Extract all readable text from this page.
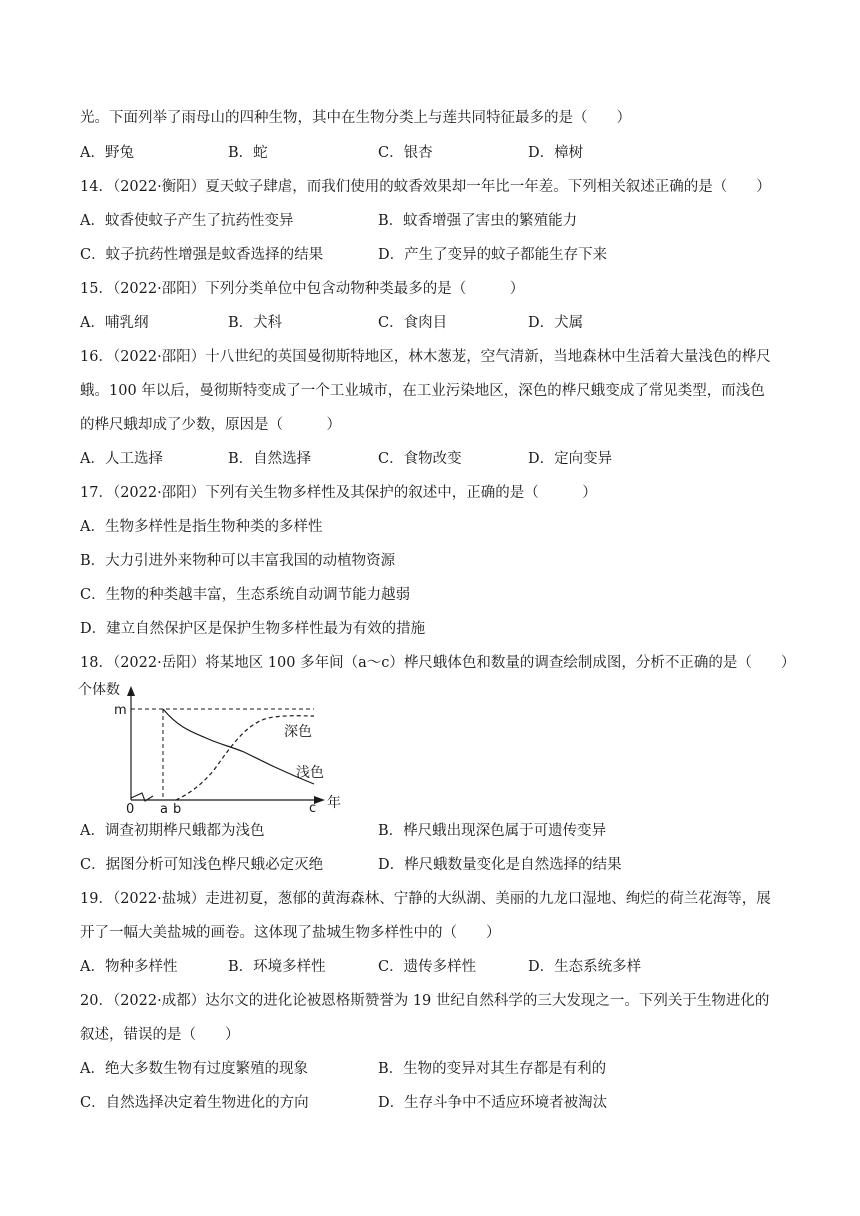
光。下面列举了雨母山的四种生物，其中在生物分类上与莲共同特征最多的是（　　）
A．野兔	B．蛇	C．银杏	D．樟树
14．（2022·衡阳）夏天蚊子肆虐，而我们使用的蚊香效果却一年比一年差。下列相关叙述正确的是（　　）
A．蚊香使蚊子产生了抗药性变异	B．蚊香增强了害虫的繁殖能力
C．蚊子抗药性增强是蚊香选择的结果	D．产生了变异的蚊子都能生存下来
15．（2022·邵阳）下列分类单位中包含动物种类最多的是（　　　）
A．哺乳纲	B．犬科	C．食肉目	D．犬属
16．（2022·邵阳）十八世纪的英国曼彻斯特地区，林木葱茏，空气清新，当地森林中生活着大量浅色的桦尺
蛾。100 年以后，曼彻斯特变成了一个工业城市，在工业污染地区，深色的桦尺蛾变成了常见类型，而浅色
的桦尺蛾却成了少数，原因是（　　　）
A．人工选择	B．自然选择	C．食物改变	D．定向变异
17．（2022·邵阳）下列有关生物多样性及其保护的叙述中，正确的是（　　　）
A．生物多样性是指生物种类的多样性
B．大力引进外来物种可以丰富我国的动植物资源
C．生物的种类越丰富，生态系统自动调节能力越弱
D．建立自然保护区是保护生物多样性最为有效的措施
18．（2022·岳阳）将某地区 100 多年间（a～c）桦尺蛾体色和数量的调查绘制成图，分析不正确的是（　　）
个体数
m
年
0 a b	c
深色
浅色
A．调查初期桦尺蛾都为浅色	B．桦尺蛾出现深色属于可遗传变异
C．据图分析可知浅色桦尺蛾必定灭绝	D．桦尺蛾数量变化是自然选择的结果
19．（2022·盐城）走进初夏，葱郁的黄海森林、宁静的大纵湖、美丽的九龙口湿地、绚烂的荷兰花海等，展
开了一幅大美盐城的画卷。这体现了盐城生物多样性中的（　　）
A．物种多样性	B．环境多样性	C．遗传多样性	D．生态系统多样
20．（2022·成都）达尔文的进化论被恩格斯赞誉为 19 世纪自然科学的三大发现之一。下列关于生物进化的
叙述，错误的是（　　）
A．绝大多数生物有过度繁殖的现象	B．生物的变异对其生存都是有利的
C．自然选择决定着生物进化的方向	D．生存斗争中不适应环境者被淘汰
